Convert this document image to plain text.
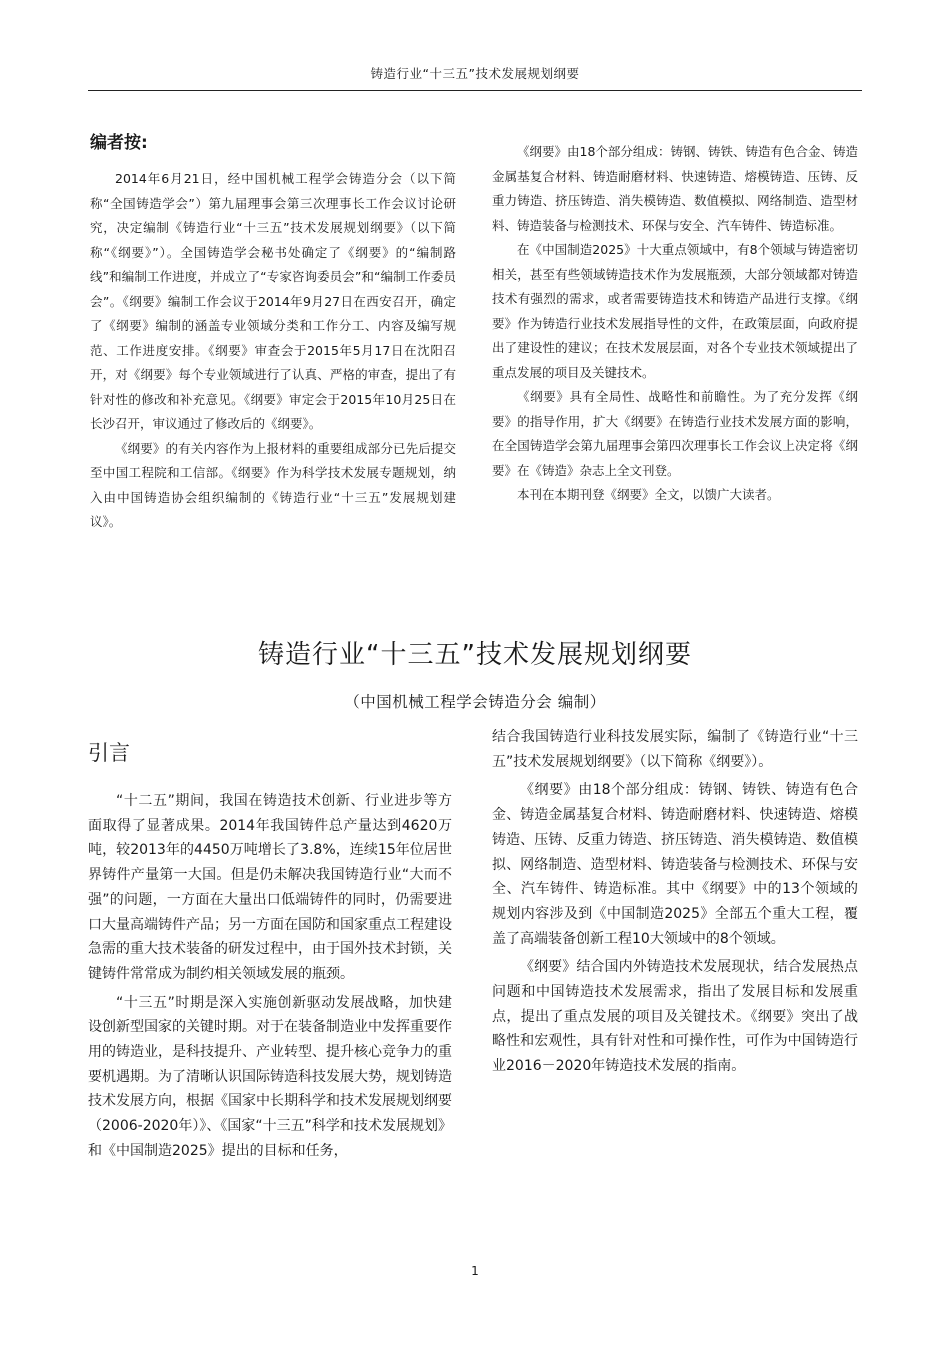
铸造行业“十三五”技术发展规划纲要
编者按:

2014年6月21日，经中国机械工程学会铸造分会（以下简称“全国铸造学会”）第九届理事会第三次理事长工作会议讨论研究，决定编制《铸造行业“十三五”技术发展规划纲要》（以下简称“《纲要》”）。全国铸造学会秘书处确定了《纲要》的“编制路线”和编制工作进度，并成立了“专家咨询委员会”和“编制工作委员会”。《纲要》编制工作会议于2014年9月27日在西安召开，确定了《纲要》编制的涵盖专业领域分类和工作分工、内容及编写规范、工作进度安排。《纲要》审查会于2015年5月17日在沈阳召开，对《纲要》每个专业领域进行了认真、严格的审查，提出了有针对性的修改和补充意见。《纲要》审定会于2015年10月25日在长沙召开，审议通过了修改后的《纲要》。

《纲要》的有关内容作为上报材料的重要组成部分已先后提交至中国工程院和工信部。《纲要》作为科学技术发展专题规划，纳入由中国铸造协会组织编制的《铸造行业“十三五”发展规划建议》。

《纲要》由18个部分组成：铸钢、铸铁、铸造有色合金、铸造金属基复合材料、铸造耐磨材料、快速铸造、熔模铸造、压铸、反重力铸造、挤压铸造、消失模铸造、数值模拟、网络制造、造型材料、铸造装备与检测技术、环保与安全、汽车铸件、铸造标准。

在《中国制造2025》十大重点领域中，有8个领域与铸造密切相关，甚至有些领域铸造技术作为发展瓶颈，大部分领域都对铸造技术有强烈的需求，或者需要铸造技术和铸造产品进行支撑。《纲要》作为铸造行业技术发展指导性的文件，在政策层面，向政府提出了建设性的建议；在技术发展层面，对各个专业技术领域提出了重点发展的项目及关键技术。

《纲要》具有全局性、战略性和前瞻性。为了充分发挥《纲要》的指导作用，扩大《纲要》在铸造行业技术发展方面的影响，在全国铸造学会第九届理事会第四次理事长工作会议上决定将《纲要》在《铸造》杂志上全文刊登。

本刊在本期刊登《纲要》全文，以馈广大读者。

铸造行业“十三五”技术发展规划纲要

（中国机械工程学会铸造分会 编制）

引言

“十二五”期间，我国在铸造技术创新、行业进步等方面取得了显著成果。2014年我国铸件总产量达到4620万吨，较2013年的4450万吨增长了3.8%，连续15年位居世界铸件产量第一大国。但是仍未解决我国铸造行业“大而不强”的问题，一方面在大量出口低端铸件的同时，仍需要进口大量高端铸件产品；另一方面在国防和国家重点工程建设急需的重大技术装备的研发过程中，由于国外技术封锁，关键铸件常常成为制约相关领域发展的瓶颈。

“十三五”时期是深入实施创新驱动发展战略，加快建设创新型国家的关键时期。对于在装备制造业中发挥重要作用的铸造业，是科技提升、产业转型、提升核心竞争力的重要机遇期。为了清晰认识国际铸造科技发展大势，规划铸造技术发展方向，根据《国家中长期科学和技术发展规划纲要（2006-2020年）》、《国家“十三五”科学和技术发展规划》和《中国制造2025》提出的目标和任务，

结合我国铸造行业科技发展实际，编制了《铸造行业“十三五”技术发展规划纲要》（以下简称《纲要》）。

《纲要》由18个部分组成：铸钢、铸铁、铸造有色合金、铸造金属基复合材料、铸造耐磨材料、快速铸造、熔模铸造、压铸、反重力铸造、挤压铸造、消失模铸造、数值模拟、网络制造、造型材料、铸造装备与检测技术、环保与安全、汽车铸件、铸造标准。其中《纲要》中的13个领域的规划内容涉及到《中国制造2025》全部五个重大工程，覆盖了高端装备创新工程10大领域中的8个领域。

《纲要》结合国内外铸造技术发展现状，结合发展热点问题和中国铸造技术发展需求，指出了发展目标和发展重点，提出了重点发展的项目及关键技术。《纲要》突出了战略性和宏观性，具有针对性和可操作性，可作为中国铸造行业2016－2020年铸造技术发展的指南。

1
